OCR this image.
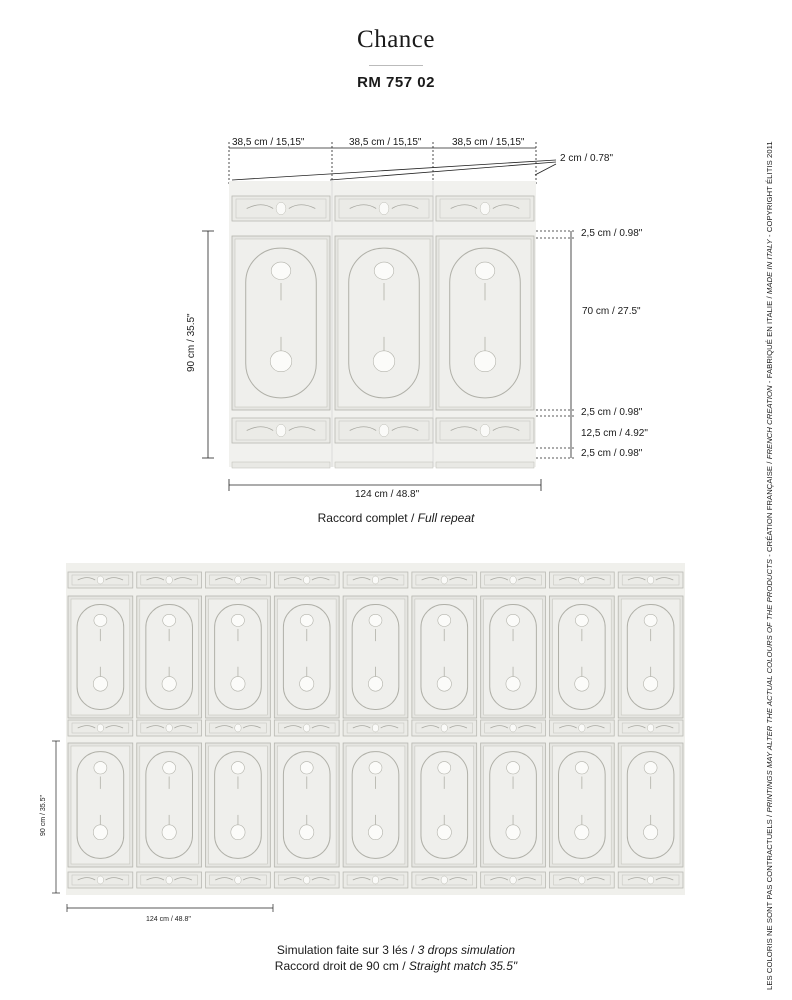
Chance
RM 757 02
38,5 cm / 15,15"	38,5 cm / 15,15"	38,5 cm / 15,15"
2 cm / 0.78"
90 cm / 35.5"
124 cm / 48.8"
2,5 cm / 0.98"
70 cm / 27.5"
2,5 cm / 0.98"
12,5 cm / 4.92"
2,5 cm / 0.98"
Raccord complet / Full repeat
90 cm / 35.5"
124 cm / 48.8"
Simulation faite sur 3 lés / 3 drops simulation
Raccord droit de 90 cm / Straight match 35.5"	LES COLORIS NE SONT PAS CONTRACTUELS / PRINTINGS MAY ALTER THE ACTUAL COLOURS OF THE PRODUCTS - CRÉATION FRANÇAISE / FRENCH CREATION - FABRIQUÉ EN ITALIE / MADE IN ITALY - COPYRIGHT ÉLITIS 2011
